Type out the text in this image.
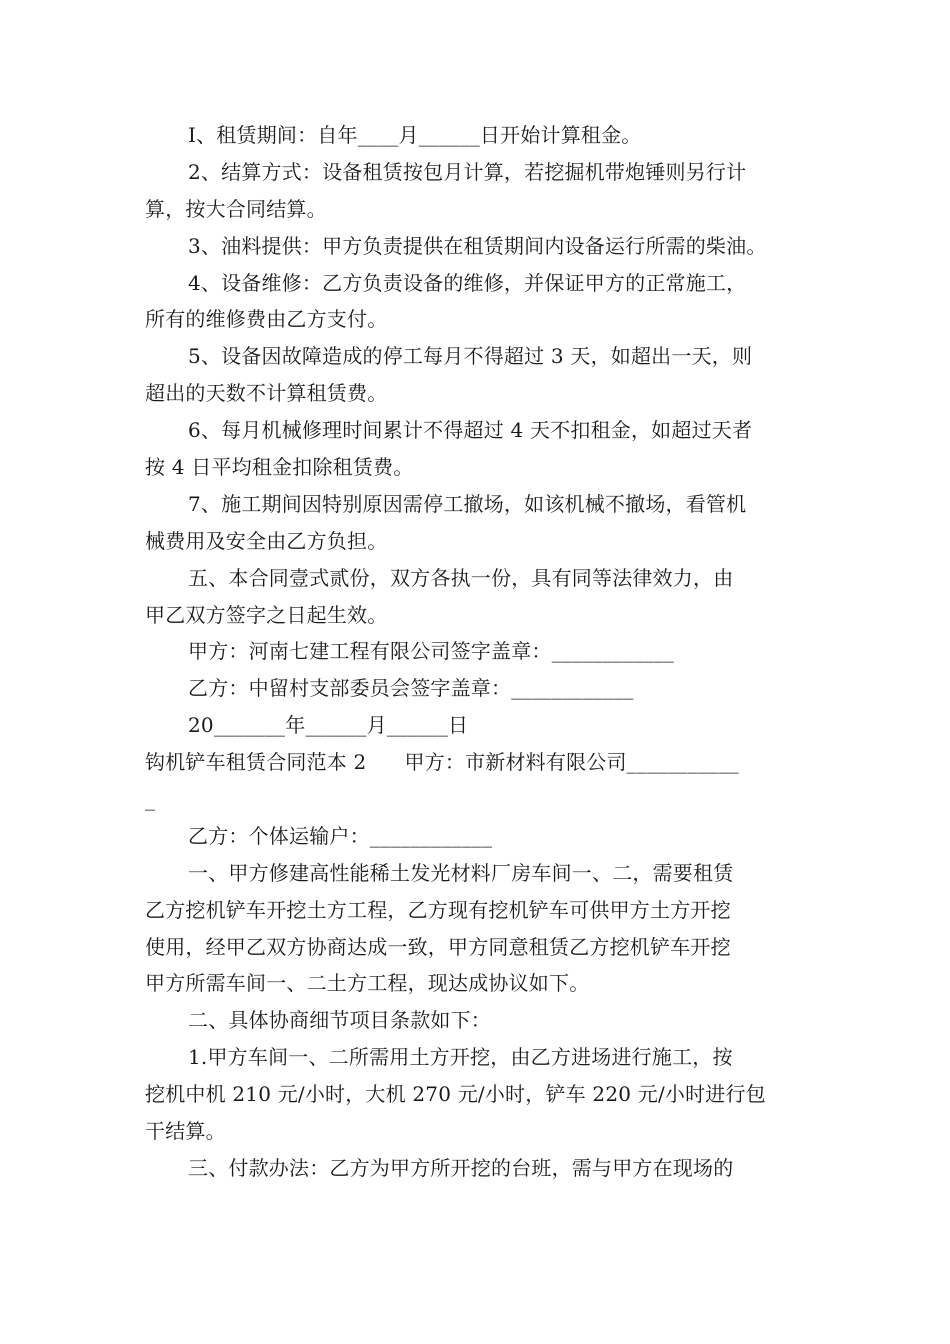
I、租赁期间：自年____月______日开始计算租金。
2、结算方式：设备租赁按包月计算，若挖掘机带炮锤则另行计
算，按大合同结算。
3、油料提供：甲方负责提供在租赁期间内设备运行所需的柴油。
4、设备维修：乙方负责设备的维修，并保证甲方的正常施工，
所有的维修费由乙方支付。
5、设备因故障造成的停工每月不得超过 3 天，如超出一天，则
超出的天数不计算租赁费。
6、每月机械修理时间累计不得超过 4 天不扣租金，如超过天者
按 4 日平均租金扣除租赁费。
7、施工期间因特别原因需停工撤场，如该机械不撤场，看管机
械费用及安全由乙方负担。
五、本合同壹式贰份，双方各执一份，具有同等法律效力，由
甲乙双方签字之日起生效。
甲方：河南七建工程有限公司签字盖章：____________
乙方：中留村支部委员会签字盖章：____________
20_______年______月______日
钩机铲车租赁合同范本 2 甲方：市新材料有限公司___________
_
乙方：个体运输户：____________
一、甲方修建高性能稀土发光材料厂房车间一、二，需要租赁
乙方挖机铲车开挖土方工程，乙方现有挖机铲车可供甲方土方开挖
使用，经甲乙双方协商达成一致，甲方同意租赁乙方挖机铲车开挖
甲方所需车间一、二土方工程，现达成协议如下。
二、具体协商细节项目条款如下：
1.甲方车间一、二所需用土方开挖，由乙方进场进行施工，按
挖机中机 210 元/小时，大机 270 元/小时，铲车 220 元/小时进行包
干结算。
三、付款办法：乙方为甲方所开挖的台班，需与甲方在现场的
